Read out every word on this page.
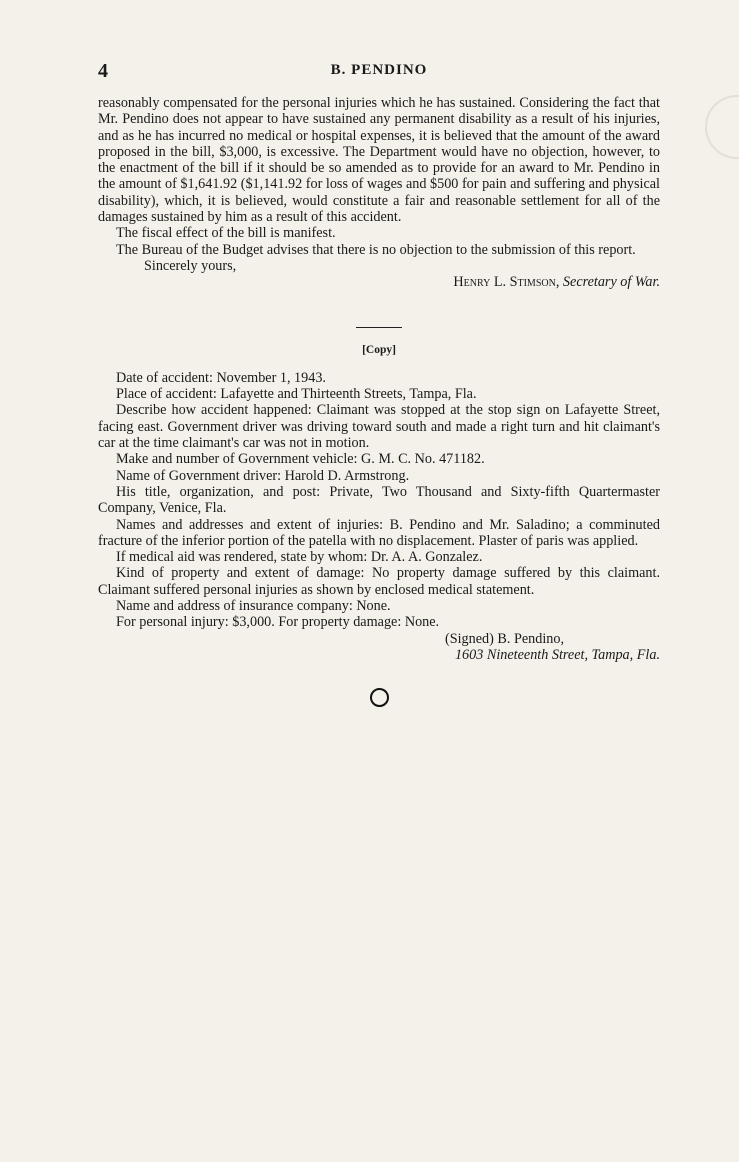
4	B. PENDINO

reasonably compensated for the personal injuries which he has sustained. Considering the fact that Mr. Pendino does not appear to have sustained any permanent disability as a result of his injuries, and as he has incurred no medical or hospital expenses, it is believed that the amount of the award proposed in the bill, $3,000, is excessive. The Department would have no objection, however, to the enactment of the bill if it should be so amended as to provide for an award to Mr. Pendino in the amount of $1,641.92 ($1,141.92 for loss of wages and $500 for pain and suffering and physical disability), which, it is believed, would constitute a fair and reasonable settlement for all of the damages sustained by him as a result of this accident.

The fiscal effect of the bill is manifest.

The Bureau of the Budget advises that there is no objection to the submission of this report.

Sincerely yours,

Henry L. Stimson, Secretary of War.

[Copy]

Date of accident: November 1, 1943.

Place of accident: Lafayette and Thirteenth Streets, Tampa, Fla.

Describe how accident happened: Claimant was stopped at the stop sign on Lafayette Street, facing east. Government driver was driving toward south and made a right turn and hit claimant's car at the time claimant's car was not in motion.

Make and number of Government vehicle: G. M. C. No. 471182.

Name of Government driver: Harold D. Armstrong.

His title, organization, and post: Private, Two Thousand and Sixty-fifth Quartermaster Company, Venice, Fla.

Names and addresses and extent of injuries: B. Pendino and Mr. Saladino; a comminuted fracture of the inferior portion of the patella with no displacement. Plaster of paris was applied.

If medical aid was rendered, state by whom: Dr. A. A. Gonzalez.

Kind of property and extent of damage: No property damage suffered by this claimant. Claimant suffered personal injuries as shown by enclosed medical statement.

Name and address of insurance company: None.

For personal injury: $3,000. For property damage: None.

(Signed) B. Pendino,

1603 Nineteenth Street, Tampa, Fla.
